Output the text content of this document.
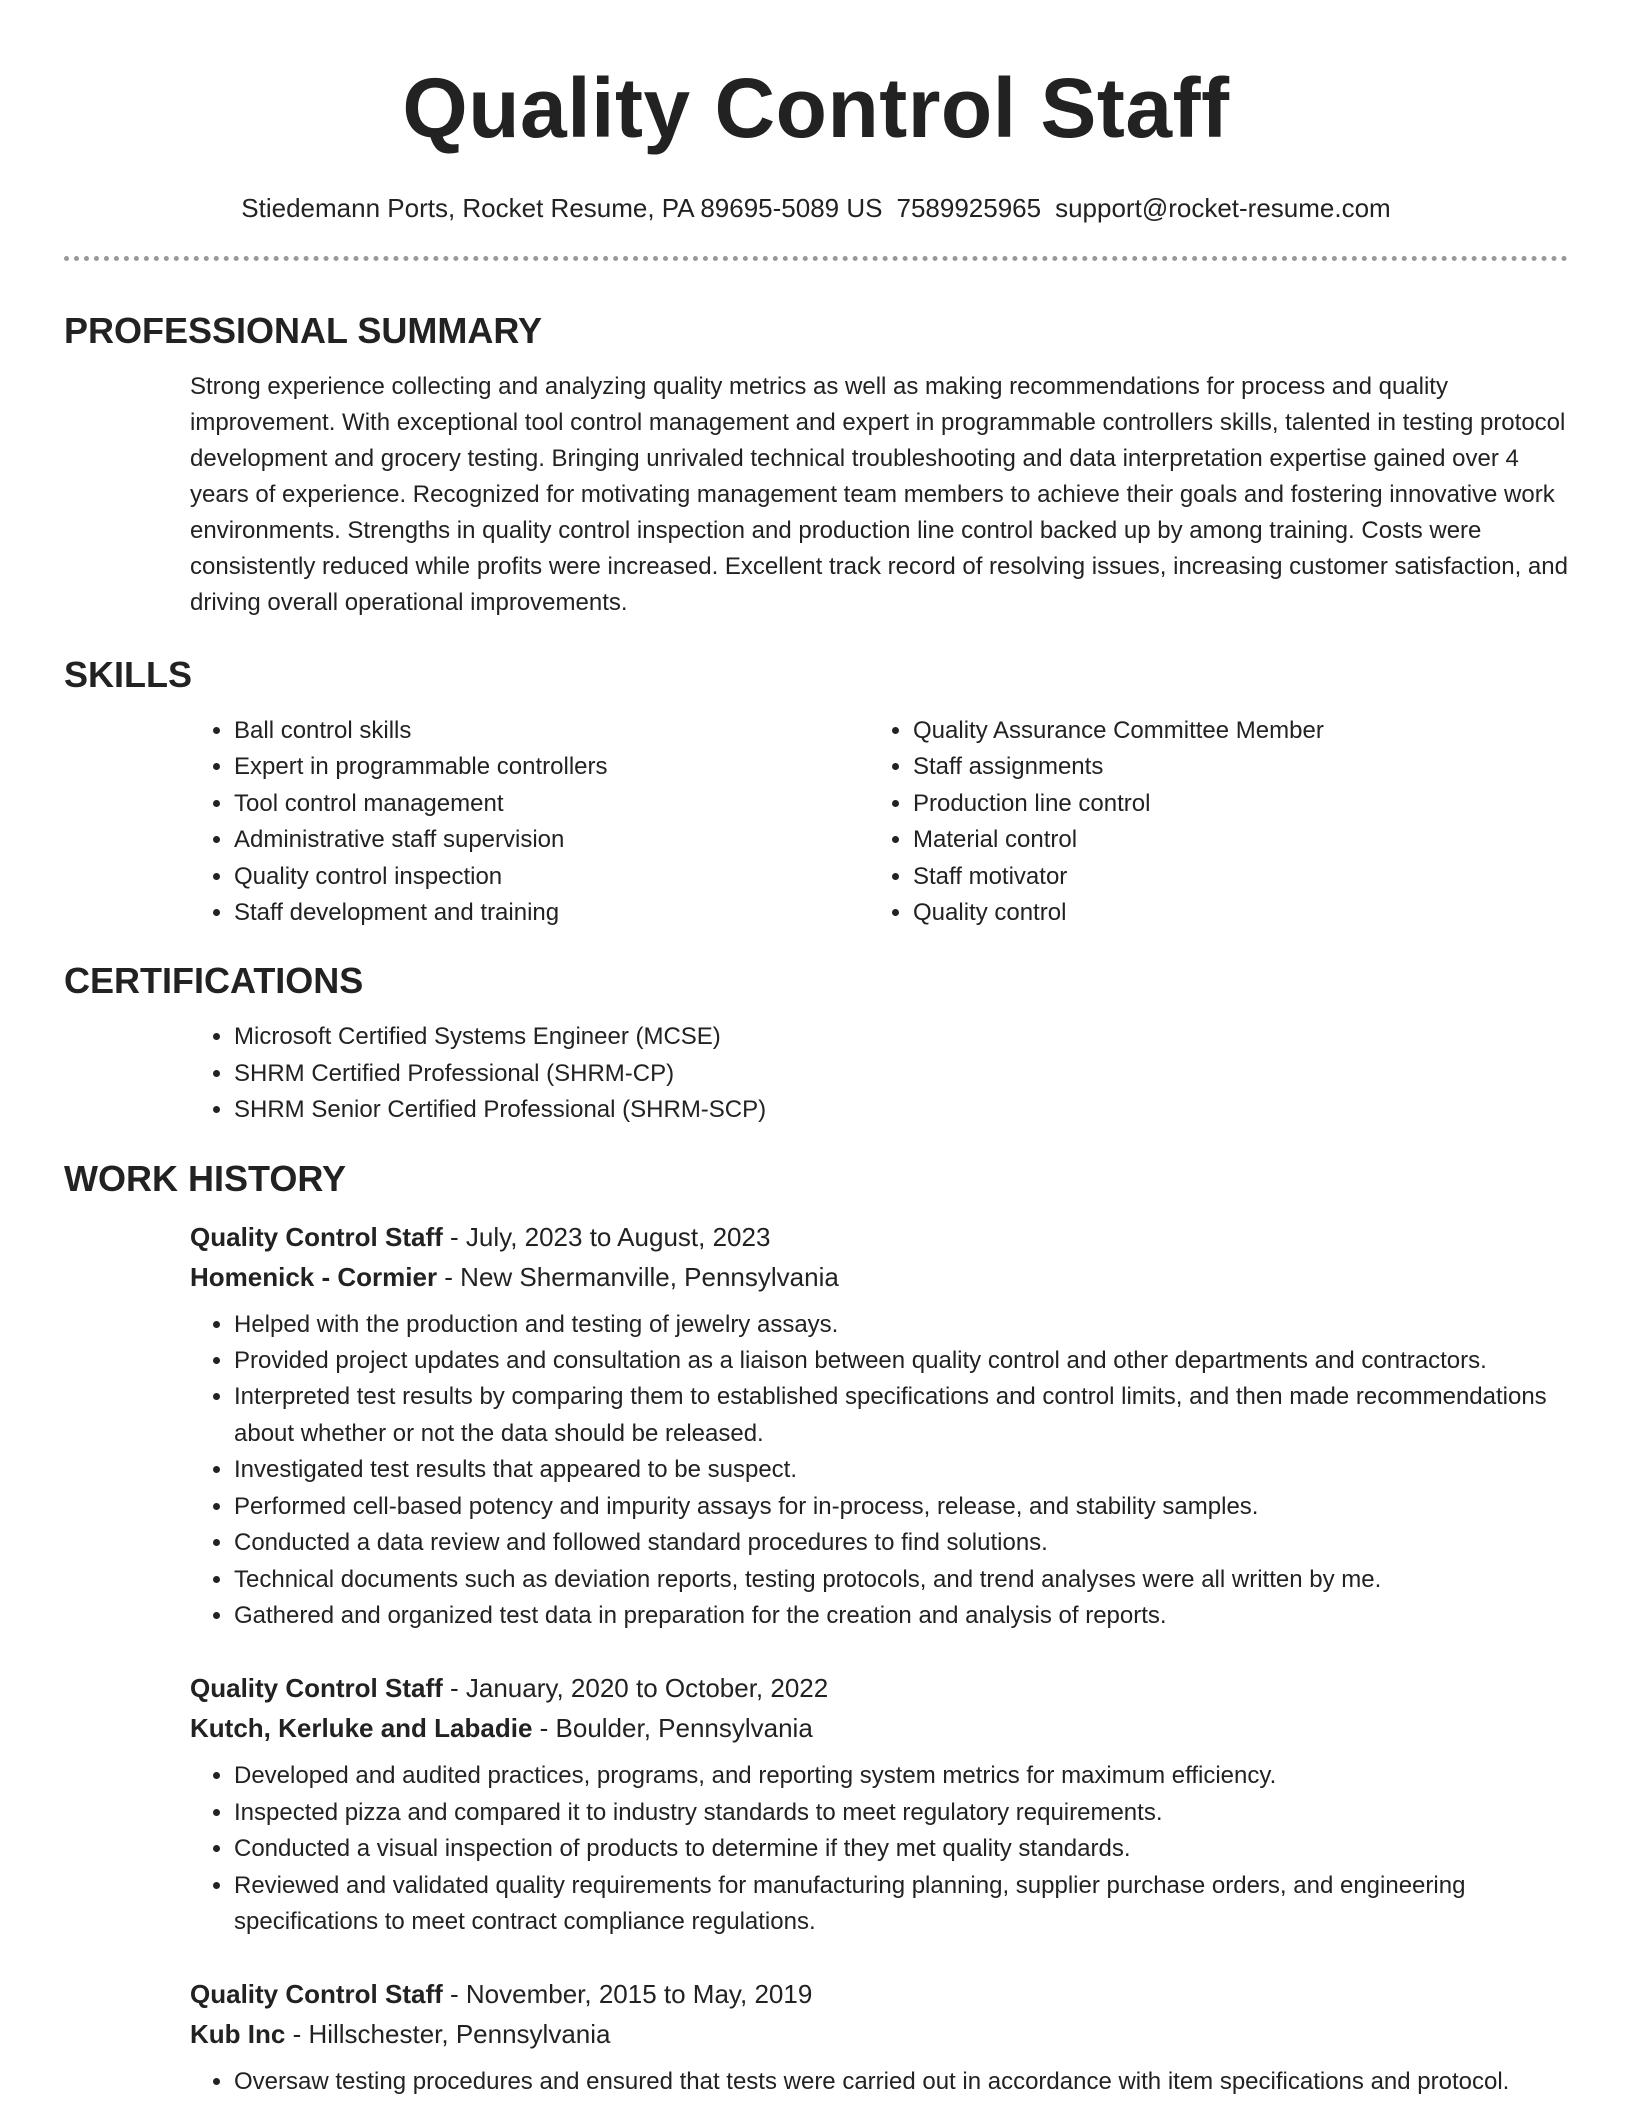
Quality Control Staff
Stiedemann Ports, Rocket Resume, PA 89695-5089 US 7589925965 support@rocket-resume.com
PROFESSIONAL SUMMARY

Strong experience collecting and analyzing quality metrics as well as making recommendations for process and quality improvement. With exceptional tool control management and expert in programmable controllers skills, talented in testing protocol development and grocery testing. Bringing unrivaled technical troubleshooting and data interpretation expertise gained over 4 years of experience. Recognized for motivating management team members to achieve their goals and fostering innovative work environments. Strengths in quality control inspection and production line control backed up by among training. Costs were consistently reduced while profits were increased. Excellent track record of resolving issues, increasing customer satisfaction, and driving overall operational improvements.

SKILLS
• Ball control skills
• Expert in programmable controllers
• Tool control management
• Administrative staff supervision
• Quality control inspection
• Staff development and training
• Quality Assurance Committee Member
• Staff assignments
• Production line control
• Material control
• Staff motivator
• Quality control
CERTIFICATIONS
• Microsoft Certified Systems Engineer (MCSE)
• SHRM Certified Professional (SHRM-CP)
• SHRM Senior Certified Professional (SHRM-SCP)
WORK HISTORY
Quality Control Staff - July, 2023 to August, 2023
Homenick - Cormier - New Shermanville, Pennsylvania
• Helped with the production and testing of jewelry assays.
• Provided project updates and consultation as a liaison between quality control and other departments and contractors.
• Interpreted test results by comparing them to established specifications and control limits, and then made recommendations about whether or not the data should be released.
• Investigated test results that appeared to be suspect.
• Performed cell-based potency and impurity assays for in-process, release, and stability samples.
• Conducted a data review and followed standard procedures to find solutions.
• Technical documents such as deviation reports, testing protocols, and trend analyses were all written by me.
• Gathered and organized test data in preparation for the creation and analysis of reports.
Quality Control Staff - January, 2020 to October, 2022
Kutch, Kerluke and Labadie - Boulder, Pennsylvania
• Developed and audited practices, programs, and reporting system metrics for maximum efficiency.
• Inspected pizza and compared it to industry standards to meet regulatory requirements.
• Conducted a visual inspection of products to determine if they met quality standards.
• Reviewed and validated quality requirements for manufacturing planning, supplier purchase orders, and engineering specifications to meet contract compliance regulations.
Quality Control Staff - November, 2015 to May, 2019
Kub Inc - Hillschester, Pennsylvania
• Oversaw testing procedures and ensured that tests were carried out in accordance with item specifications and protocol.
